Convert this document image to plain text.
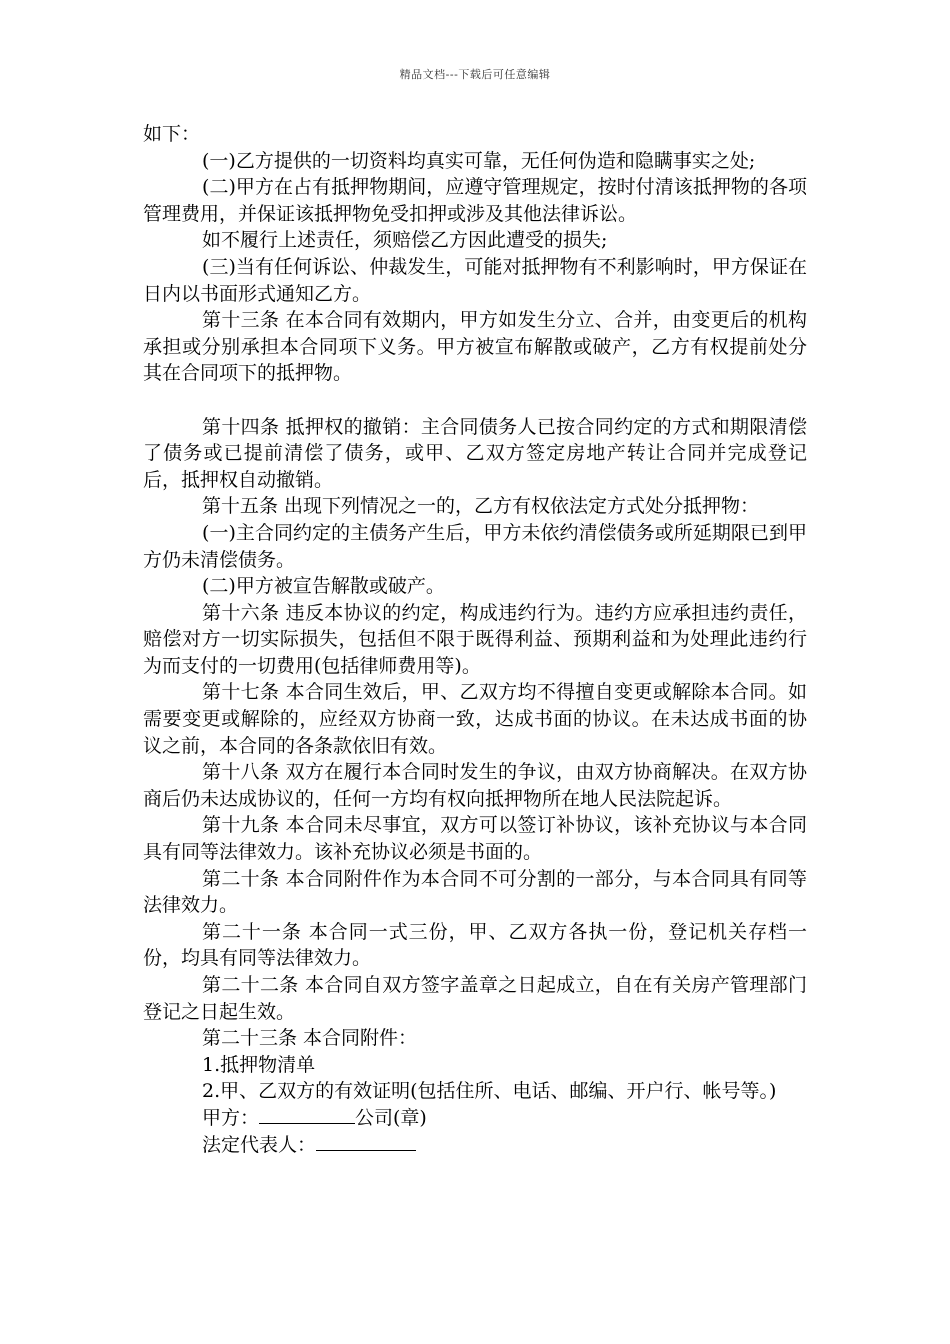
精品文档---下载后可任意编辑

如下：

(一)乙方提供的一切资料均真实可靠，无任何伪造和隐瞒事实之处;

(二)甲方在占有抵押物期间，应遵守管理规定，按时付清该抵押物的各项管理费用，并保证该抵押物免受扣押或涉及其他法律诉讼。

如不履行上述责任，须赔偿乙方因此遭受的损失;

(三)当有任何诉讼、仲裁发生，可能对抵押物有不利影响时，甲方保证在日内以书面形式通知乙方。

第十三条 在本合同有效期内，甲方如发生分立、合并，由变更后的机构承担或分别承担本合同项下义务。甲方被宣布解散或破产，乙方有权提前处分其在合同项下的抵押物。

第十四条 抵押权的撤销：主合同债务人已按合同约定的方式和期限清偿了债务或已提前清偿了债务，或甲、乙双方签定房地产转让合同并完成登记后，抵押权自动撤销。

第十五条 出现下列情况之一的，乙方有权依法定方式处分抵押物：

(一)主合同约定的主债务产生后，甲方未依约清偿债务或所延期限已到甲方仍未清偿债务。

(二)甲方被宣告解散或破产。

第十六条 违反本协议的约定，构成违约行为。违约方应承担违约责任，赔偿对方一切实际损失，包括但不限于既得利益、预期利益和为处理此违约行为而支付的一切费用(包括律师费用等)。

第十七条 本合同生效后，甲、乙双方均不得擅自变更或解除本合同。如需要变更或解除的，应经双方协商一致，达成书面的协议。在未达成书面的协议之前，本合同的各条款依旧有效。

第十八条 双方在履行本合同时发生的争议，由双方协商解决。在双方协商后仍未达成协议的，任何一方均有权向抵押物所在地人民法院起诉。

第十九条 本合同未尽事宜，双方可以签订补协议，该补充协议与本合同具有同等法律效力。该补充协议必须是书面的。

第二十条 本合同附件作为本合同不可分割的一部分，与本合同具有同等法律效力。

第二十一条 本合同一式三份，甲、乙双方各执一份，登记机关存档一份，均具有同等法律效力。

第二十二条 本合同自双方签字盖章之日起成立，自在有关房产管理部门登记之日起生效。

第二十三条 本合同附件：

1.抵押物清单

2.甲、乙双方的有效证明(包括住所、电话、邮编、开户行、帐号等。)

甲方：	公司(章)

法定代表人：
